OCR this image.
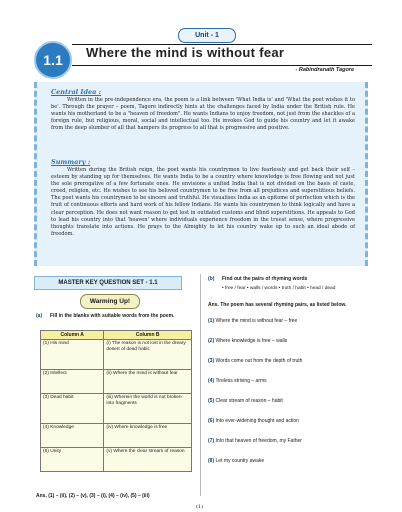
Unit - 1
1.1	Where the mind is without fear
- Rabindranath Tagore
Central Idea :

Written in the pre-independence era, the poem is a link between 'What India is' and 'What the poet wishes it to be'. Through the prayer – poem, Tagore indirectly hints at the challenges faced by India under the British rule. He wants his motherland to be a "heaven of freedom". He wants Indians to enjoy freedom, not just from the shackles of a foreign rule, but religious, moral, social and intellectual too. He invokes God to guide his country and let it awake from the deep slumber of all that hampers its progress to all that is progressive and positive.

Summary :

Written during the British reign, the poet wants his countrymen to live fearlessly and get back their self – esteem by standing up for themselves. He wants India to be a country where knowledge is free flowing and not just the sole prerogative of a few fortunate ones. He envisions a united India that is not divided on the basis of caste, creed, religion, etc. He wishes to see his beloved countrymen to be free from all prejudices and superstitious beliefs. The poet wants his countrymen to be sincere and truthful. He visualises India as an epitome of perfection which is the fruit of continuous efforts and hard work of his fellow Indians. He wants his countrymen to think logically and have a clear perception. He does not want reason to get lost in outdated customs and blind superstitions. He appeals to God to lead his country into that 'heaven' where individuals experience freedom in the truest sense, where progressive thoughts translate into actions. He prays to the Almighty to let his country wake up to such an ideal abode of freedom.

MASTER KEY QUESTION SET - 1.1
Warming Up!
(a) Fill in the blanks with suitable words from the poem.
Column A	Column B
(1) His mind	(i) The reason is not lost in the dreary desert of dead habit.
(2) Intellect	(ii) Where the mind is without fear
(3) Dead habit	(iii) Wherein the world is not broken into fragments
(4) Knowledge	(iv) Where knowledge is free
(5) Unity	(v) Where the clear stream of reason
Ans. (1) – (ii), (2) – (v), (3) – (i), (4) – (iv), (5) – (iii)
(b) Find out the pairs of rhyming words
• free / fear • walls / words • truth / habit • head / dead
Ans. The poem has several rhyming pairs, as listed below.
(1) Where the mind is without fear – free
(2) Where knowledge is free – walls
(3) Words come out from the depth of truth
(4) Tireless striving – arms
(5) Clear stream of reason – habit
(6) Into ever-widening thought and action
(7) Into that heaven of freedom, my Father
(8) Let my country awake
(1)
